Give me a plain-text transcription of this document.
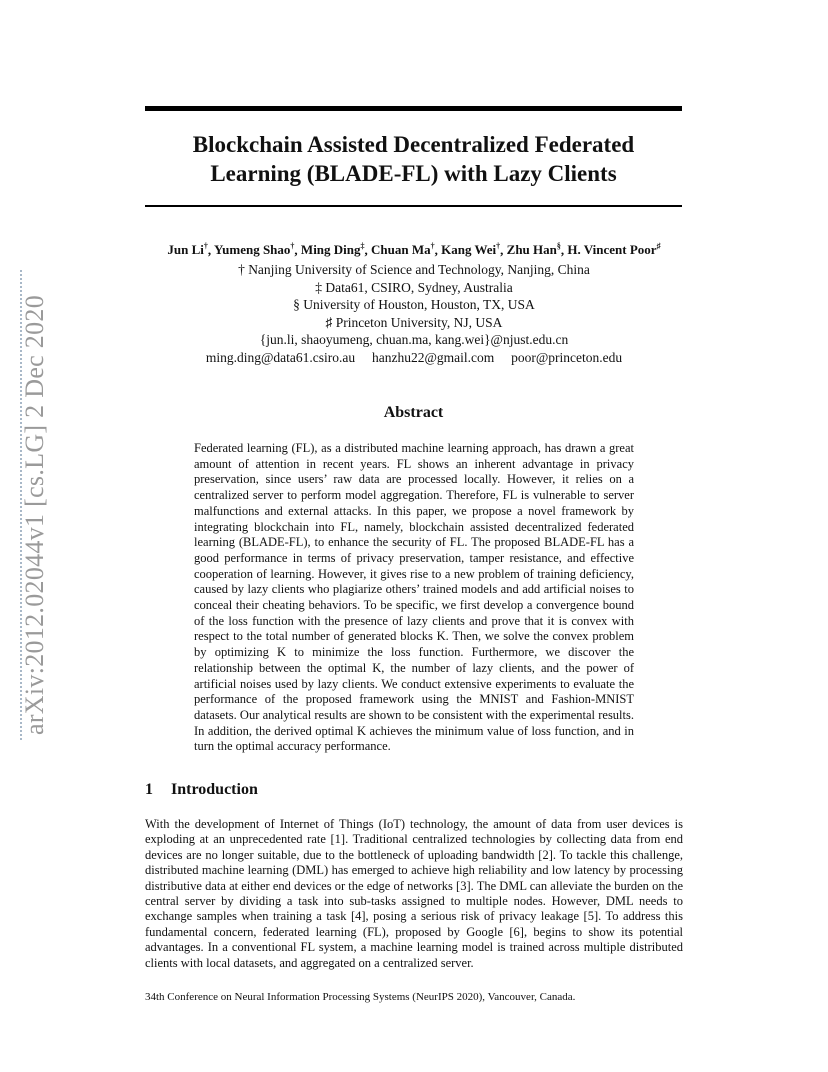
arXiv:2012.02044v1 [cs.LG] 2 Dec 2020
Blockchain Assisted Decentralized Federated
Learning (BLADE-FL) with Lazy Clients
Jun Li†, Yumeng Shao†, Ming Ding‡, Chuan Ma†, Kang Wei†, Zhu Han§, H. Vincent Poor♯
† Nanjing University of Science and Technology, Nanjing, China
‡ Data61, CSIRO, Sydney, Australia
§ University of Houston, Houston, TX, USA
♯ Princeton University, NJ, USA
{jun.li, shaoyumeng, chuan.ma, kang.wei}@njust.edu.cn
ming.ding@data61.csiro.au     hanzhu22@gmail.com     poor@princeton.edu
Abstract
Federated learning (FL), as a distributed machine learning approach, has drawn a great amount of attention in recent years. FL shows an inherent advantage in privacy preservation, since users’ raw data are processed locally. However, it relies on a centralized server to perform model aggregation. Therefore, FL is vulnerable to server malfunctions and external attacks. In this paper, we propose a novel framework by integrating blockchain into FL, namely, blockchain assisted decentralized federated learning (BLADE-FL), to enhance the security of FL. The proposed BLADE-FL has a good performance in terms of privacy preservation, tamper resistance, and effective cooperation of learning. However, it gives rise to a new problem of training deficiency, caused by lazy clients who plagiarize others’ trained models and add artificial noises to conceal their cheating behaviors. To be specific, we first develop a convergence bound of the loss function with the presence of lazy clients and prove that it is convex with respect to the total number of generated blocks K. Then, we solve the convex problem by optimizing K to minimize the loss function. Furthermore, we discover the relationship between the optimal K, the number of lazy clients, and the power of artificial noises used by lazy clients. We conduct extensive experiments to evaluate the performance of the proposed framework using the MNIST and Fashion-MNIST datasets. Our analytical results are shown to be consistent with the experimental results. In addition, the derived optimal K achieves the minimum value of loss function, and in turn the optimal accuracy performance.
1 Introduction
With the development of Internet of Things (IoT) technology, the amount of data from user devices is exploding at an unprecedented rate [1]. Traditional centralized technologies by collecting data from end devices are no longer suitable, due to the bottleneck of uploading bandwidth [2]. To tackle this challenge, distributed machine learning (DML) has emerged to achieve high reliability and low latency by processing distributive data at either end devices or the edge of networks [3]. The DML can alleviate the burden on the central server by dividing a task into sub-tasks assigned to multiple nodes. However, DML needs to exchange samples when training a task [4], posing a serious risk of privacy leakage [5]. To address this fundamental concern, federated learning (FL), proposed by Google [6], begins to show its potential advantages. In a conventional FL system, a machine learning model is trained across multiple distributed clients with local datasets, and aggregated on a centralized server.
34th Conference on Neural Information Processing Systems (NeurIPS 2020), Vancouver, Canada.
